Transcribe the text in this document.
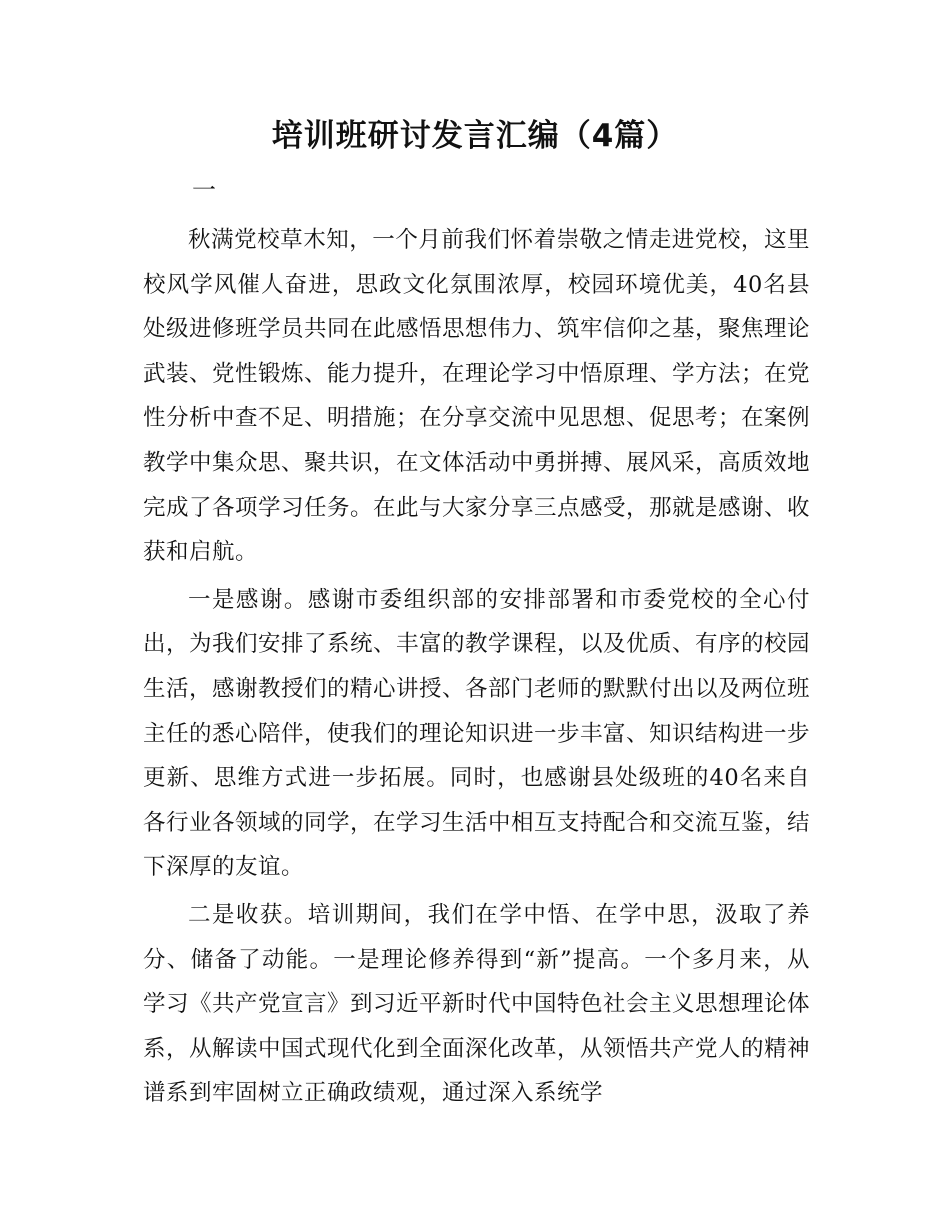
培训班研讨发言汇编（4篇）

一

秋满党校草木知，一个月前我们怀着崇敬之情走进党校，这里校风学风催人奋进，思政文化氛围浓厚，校园环境优美，40名县处级进修班学员共同在此感悟思想伟力、筑牢信仰之基，聚焦理论武装、党性锻炼、能力提升，在理论学习中悟原理、学方法；在党性分析中查不足、明措施；在分享交流中见思想、促思考；在案例教学中集众思、聚共识，在文体活动中勇拼搏、展风采，高质效地完成了各项学习任务。在此与大家分享三点感受，那就是感谢、收获和启航。

一是感谢。感谢市委组织部的安排部署和市委党校的全心付出，为我们安排了系统、丰富的教学课程，以及优质、有序的校园生活，感谢教授们的精心讲授、各部门老师的默默付出以及两位班主任的悉心陪伴，使我们的理论知识进一步丰富、知识结构进一步更新、思维方式进一步拓展。同时，也感谢县处级班的40名来自各行业各领域的同学，在学习生活中相互支持配合和交流互鉴，结下深厚的友谊。

二是收获。培训期间，我们在学中悟、在学中思，汲取了养分、储备了动能。一是理论修养得到“新”提高。一个多月来，从学习《共产党宣言》到习近平新时代中国特色社会主义思想理论体系，从解读中国式现代化到全面深化改革，从领悟共产党人的精神谱系到牢固树立正确政绩观，通过深入系统学
